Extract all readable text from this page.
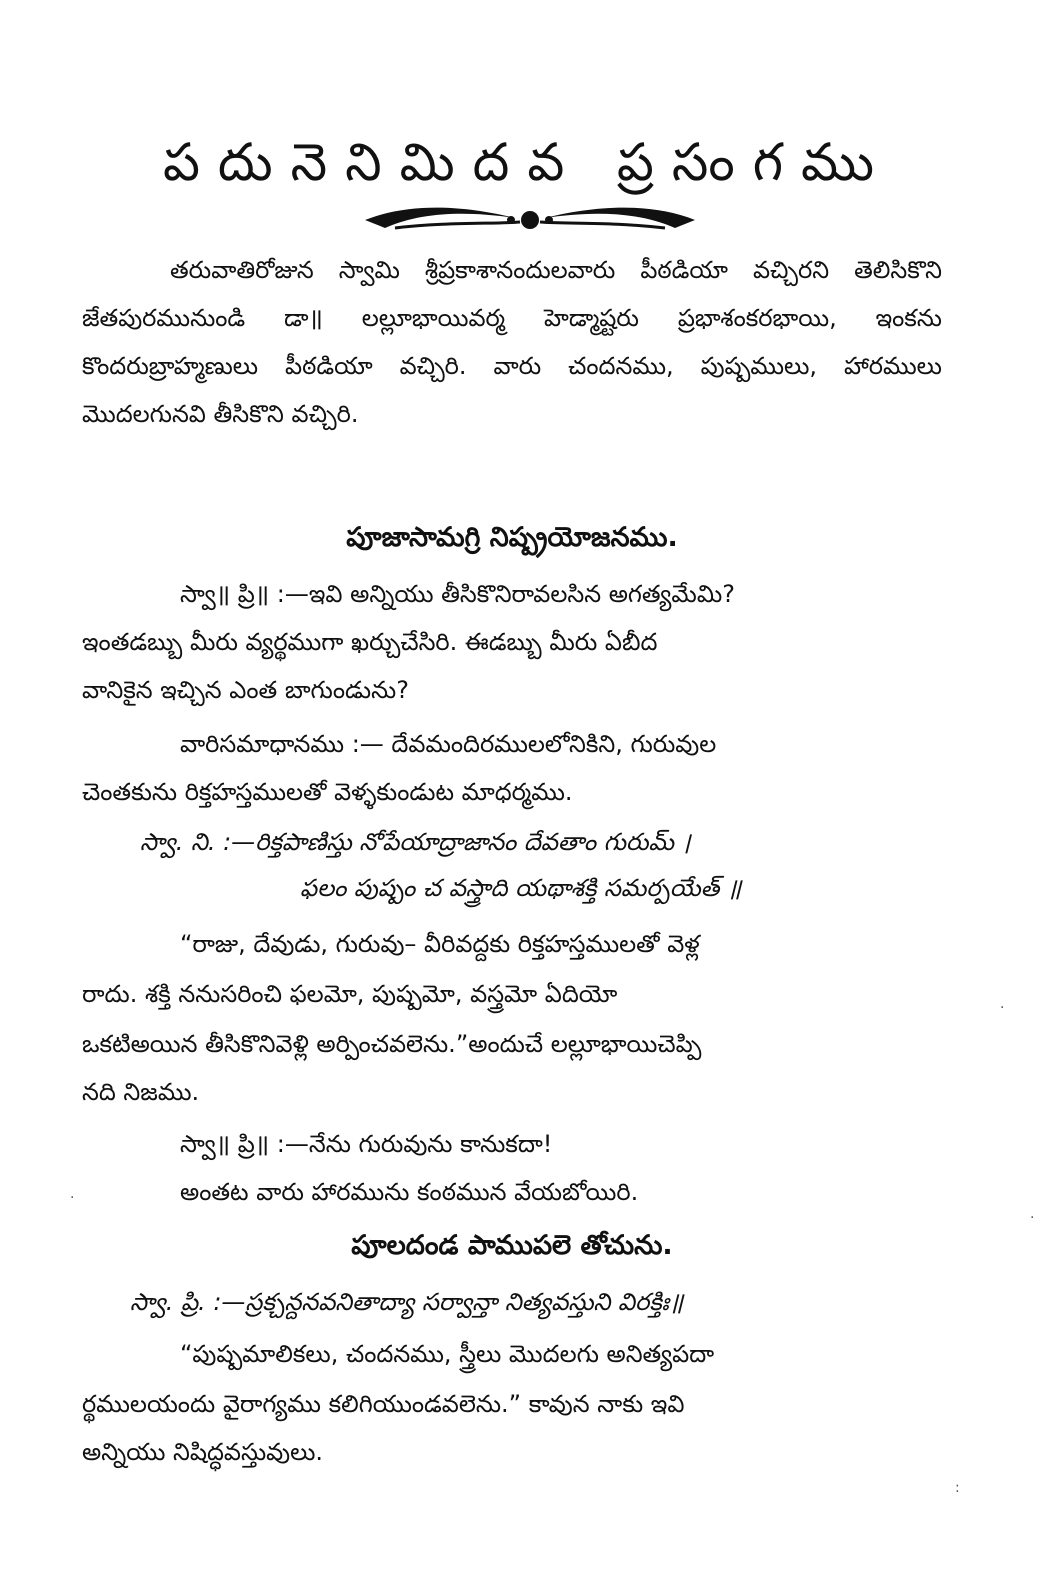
పదునెనిమిదవ ప్రసంగము

తరువాతిరోజున స్వామి శ్రీప్రకాశానందులవారు పీఠడియా వచ్చిరని తెలిసికొని జేతపురమునుండి డా॥ లల్లూభాయివర్మ హెడ్మాష్టరు ప్రభాశంకరభాయి, ఇంకను కొందరుబ్రాహ్మణులు పీఠడియా వచ్చిరి. వారు చందనము, పుష్పములు, హారములు మొదలగునవి తీసికొని వచ్చిరి.

పూజాసామగ్రి నిష్ప్రయోజనము.
స్వా॥ ప్రి॥ :—ఇవి అన్నియు తీసికొనిరావలసిన అగత్యమేమి?
ఇంతడబ్బు మీరు వ్యర్థముగా ఖర్చుచేసిరి. ఈడబ్బు మీరు ఏబీద
వానికైన ఇచ్చిన ఎంత బాగుండును?
వారిసమాధానము :— దేవమందిరములలోనికిని, గురువుల
చెంతకును రిక్తహస్తములతో వెళ్ళకుండుట మాధర్మము.
స్వా. ని. :—రిక్తపాణిస్తు నోపేయాద్రాజానం దేవతాం గురుమ్ ।
ఫలం పుష్పం చ వస్త్రాది యథాశక్తి సమర్పయేత్ ॥
“రాజు, దేవుడు, గురువు– వీరివద్దకు రిక్తహస్తములతో వెళ్ల
రాదు. శక్తి ననుసరించి ఫలమో, పుష్పమో, వస్త్రమో ఏదియో
ఒకటిఅయిన తీసికొనివెళ్లి అర్పించవలెను.”అందుచే లల్లూభాయిచెప్పి
నది నిజము.
స్వా॥ ప్రి॥ :—నేను గురువును కానుకదా!
అంతట వారు హారమును కంఠమున వేయబోయిరి.
పూలదండ పాముపలె తోచును.
స్వా. ప్రి. :—స్రక్చన్దనవనితాద్యా సర్వాన్తా నిత్యవస్తుని విరక్తిః॥
“పుష్పమాలికలు, చందనము, స్త్రీలు మొదలగు అనిత్యపదా
ర్థములయందు వైరాగ్యము కలిగియుండవలెను.” కావున నాకు ఇవి
అన్నియు నిషిద్ధవస్తువులు.
·
·
:
·
